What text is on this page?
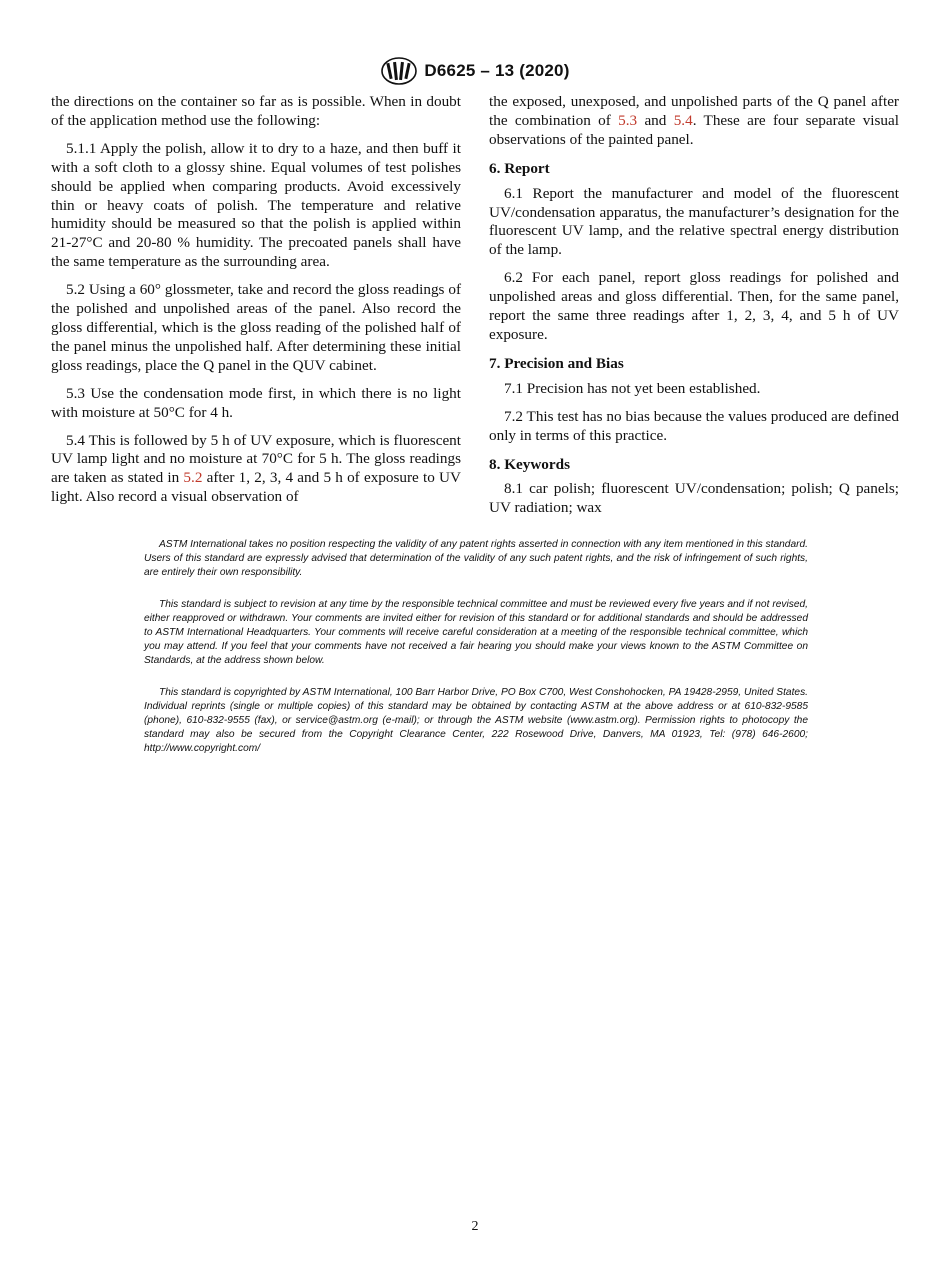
D6625 – 13 (2020)

the directions on the container so far as is possible. When in doubt of the application method use the following:

5.1.1 Apply the polish, allow it to dry to a haze, and then buff it with a soft cloth to a glossy shine. Equal volumes of test polishes should be applied when comparing products. Avoid excessively thin or heavy coats of polish. The temperature and relative humidity should be measured so that the polish is applied within 21-27°C and 20-80 % humidity. The precoated panels shall have the same temperature as the surrounding area.

5.2 Using a 60° glossmeter, take and record the gloss readings of the polished and unpolished areas of the panel. Also record the gloss differential, which is the gloss reading of the polished half of the panel minus the unpolished half. After determining these initial gloss readings, place the Q panel in the QUV cabinet.

5.3 Use the condensation mode first, in which there is no light with moisture at 50°C for 4 h.

5.4 This is followed by 5 h of UV exposure, which is fluorescent UV lamp light and no moisture at 70°C for 5 h. The gloss readings are taken as stated in 5.2 after 1, 2, 3, 4 and 5 h of exposure to UV light. Also record a visual observation of

the exposed, unexposed, and unpolished parts of the Q panel after the combination of 5.3 and 5.4. These are four separate visual observations of the painted panel.

6. Report

6.1 Report the manufacturer and model of the fluorescent UV/condensation apparatus, the manufacturer’s designation for the fluorescent UV lamp, and the relative spectral energy distribution of the lamp.

6.2 For each panel, report gloss readings for polished and unpolished areas and gloss differential. Then, for the same panel, report the same three readings after 1, 2, 3, 4, and 5 h of UV exposure.

7. Precision and Bias

7.1 Precision has not yet been established.

7.2 This test has no bias because the values produced are defined only in terms of this practice.

8. Keywords

8.1 car polish; fluorescent UV/condensation; polish; Q panels; UV radiation; wax

ASTM International takes no position respecting the validity of any patent rights asserted in connection with any item mentioned in this standard. Users of this standard are expressly advised that determination of the validity of any such patent rights, and the risk of infringement of such rights, are entirely their own responsibility.

This standard is subject to revision at any time by the responsible technical committee and must be reviewed every five years and if not revised, either reapproved or withdrawn. Your comments are invited either for revision of this standard or for additional standards and should be addressed to ASTM International Headquarters. Your comments will receive careful consideration at a meeting of the responsible technical committee, which you may attend. If you feel that your comments have not received a fair hearing you should make your views known to the ASTM Committee on Standards, at the address shown below.

This standard is copyrighted by ASTM International, 100 Barr Harbor Drive, PO Box C700, West Conshohocken, PA 19428-2959, United States. Individual reprints (single or multiple copies) of this standard may be obtained by contacting ASTM at the above address or at 610-832-9585 (phone), 610-832-9555 (fax), or service@astm.org (e-mail); or through the ASTM website (www.astm.org). Permission rights to photocopy the standard may also be secured from the Copyright Clearance Center, 222 Rosewood Drive, Danvers, MA 01923, Tel: (978) 646-2600; http://www.copyright.com/

2
